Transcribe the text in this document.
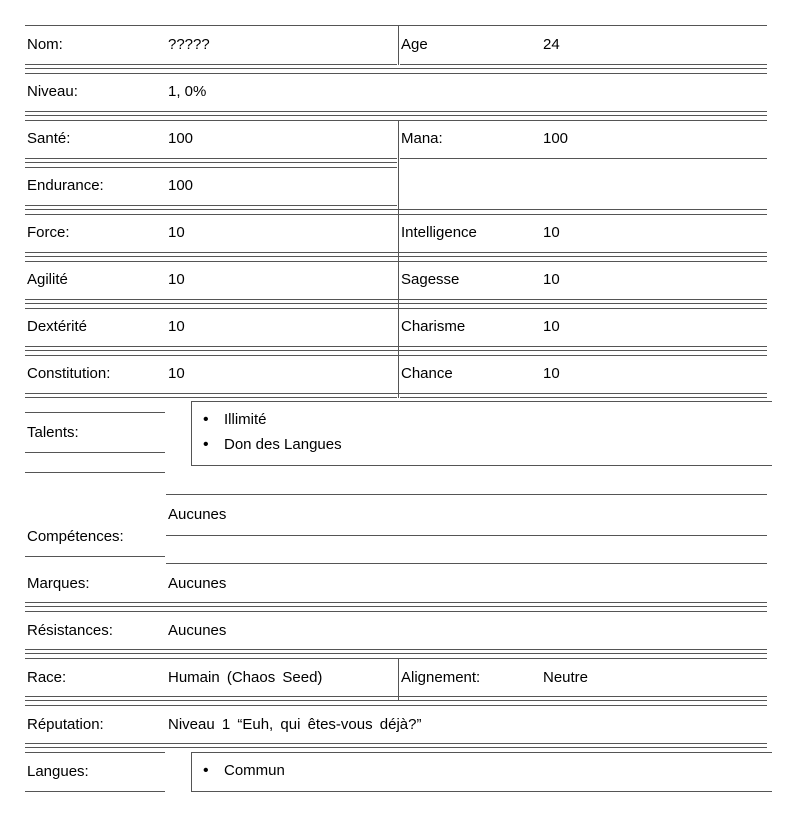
Nom:	?????	Age	24
Niveau:	1, 0%
Santé:	100	Mana:	100
Endurance:	100
Force:	10	Intelligence	10
Agilité	10	Sagesse	10
Dextérité	10	Charisme	10
Constitution:	10	Chance	10
Talents:
• Illimité
• Don des Langues
Compétences:
Aucunes
Marques:	Aucunes
Résistances:	Aucunes
Race:	Humain (Chaos Seed)	Alignement:	Neutre
Réputation:	Niveau 1 “Euh, qui êtes-vous déjà?”
Langues:	• Commun
